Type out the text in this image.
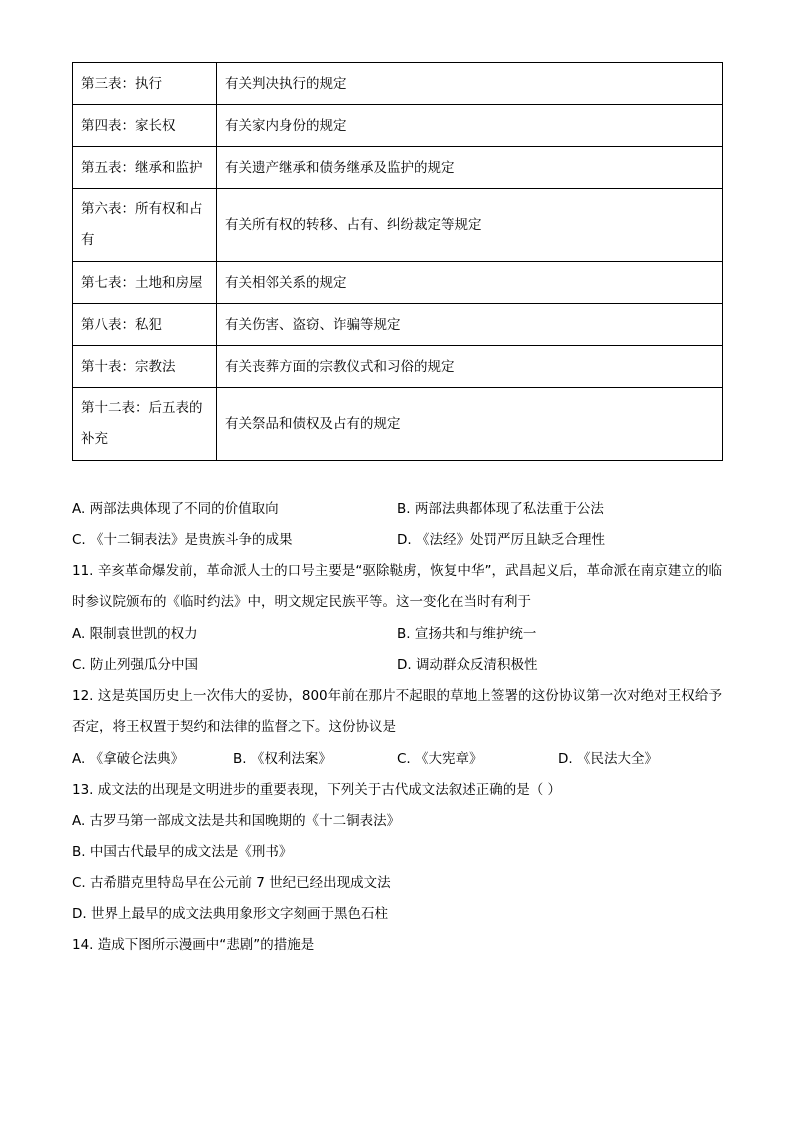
第三表：执行	有关判决执行的规定
第四表：家长权	有关家内身份的规定
第五表：继承和监护	有关遗产继承和债务继承及监护的规定
第六表：所有权和占有	有关所有权的转移、占有、纠纷裁定等规定
第七表：土地和房屋	有关相邻关系的规定
第八表：私犯	有关伤害、盗窃、诈骗等规定
第十表：宗教法	有关丧葬方面的宗教仪式和习俗的规定
第十二表：后五表的补充	有关祭品和债权及占有的规定
A. 两部法典体现了不同的价值取向	B. 两部法典都体现了私法重于公法
C. 《十二铜表法》是贵族斗争的成果	D. 《法经》处罚严厉且缺乏合理性
11. 辛亥革命爆发前，革命派人士的口号主要是“驱除鞑虏，恢复中华”，武昌起义后，革命派在南京建立的临时参议院颁布的《临时约法》中，明文规定民族平等。这一变化在当时有利于
A. 限制袁世凯的权力	B. 宣扬共和与维护统一
C. 防止列强瓜分中国	D. 调动群众反清积极性
12. 这是英国历史上一次伟大的妥协，800年前在那片不起眼的草地上签署的这份协议第一次对绝对王权给予否定，将王权置于契约和法律的监督之下。这份协议是
A. 《拿破仑法典》	B. 《权利法案》	C. 《大宪章》	D. 《民法大全》
13. 成文法的出现是文明进步的重要表现，下列关于古代成文法叙述正确的是（ ）
A. 古罗马第一部成文法是共和国晚期的《十二铜表法》
B. 中国古代最早的成文法是《刑书》
C. 古希腊克里特岛早在公元前 7 世纪已经出现成文法
D. 世界上最早的成文法典用象形文字刻画于黑色石柱
14. 造成下图所示漫画中“悲剧”的措施是
